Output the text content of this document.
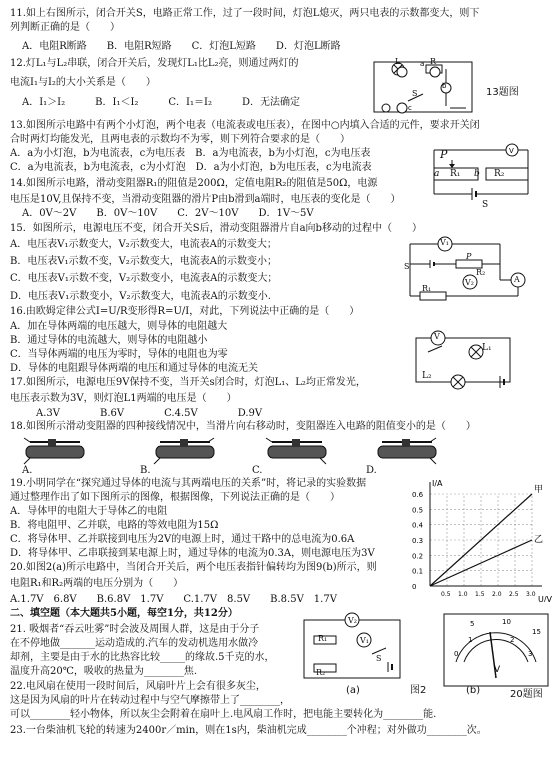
11.如上右图所示，闭合开关S，电路正常工作，过了一段时间，灯泡L熄灭，两只电表的示数都变大，则下
列判断正确的是（　　）
A．电阻R断路　　B．电阻R短路　　C．灯泡L短路　　D．灯泡L断路
12.灯L₁与L₂串联，闭合开关后，发现灯L₁比L₂亮，则通过两灯的
电流I₁与I₂的大小关系是（　　）
A．I₁＞I₂　　　B．I₁＜I₂　　　C．I₁＝I₂　　　D．无法确定
13.如图所示电路中有两个小灯泡，两个电表（电流表或电压表），在图中○内填入合适的元件，要求开关闭
合时两灯均能发光，且两电表的示数均不为零，则下列符合要求的是（　　）
A．a为小灯泡，b为电流表，c为电压表　B．a为电流表，b为小灯泡，c为电压表
C．a为电流表，b为电流表，c为小灯泡　D．a为小灯泡，b为电压表，c为电流表
14.如图所示电路，滑动变阻器R₁的阻值是200Ω，定值电阻R₂的阻值是50Ω，电源
电压是10V,且保持不变，当滑动变阻器的滑片P由b滑到a端时，电压表的变化是（　　）
A．0V～2V　　B．0V～10V　　C．2V～10V　　D．1V～5V
15．如图所示，电源电压不变，闭合开关S后，滑动变阻器滑片自a向b移动的过程中（　　）
A．电压表V₁示数变大，V₂示数变大，电流表A的示数变大；
B．电压表V₁示数不变，V₂示数变大，电流表A的示数变小；
C．电压表V₁示数不变，V₂示数变小，电流表A的示数变大；
D．电压表V₁示数变小，V₂示数变大，电流表A的示数变小.
16.由欧姆定律公式I=U/R变形得R=U/I，对此，下列说法中正确的是（　　）
A．加在导体两端的电压越大，则导体的电阻越大
B．通过导体的电流越大，则导体的电阻越小
C．当导体两端的电压为零时，导体的电阻也为零
D．导体的电阻跟导体两端的电压和通过导体的电流无关
17.如图所示，电源电压9V保持不变，当开关s闭合时，灯泡L₁、L₂均正常发光，
电压表示数为3V，则灯泡L1两端的电压是（　　）
A.3V　　　　B.6V　　　　C.4.5V　　　　D.9V
18.如图所示滑动变阻器的四种接线情况中，当滑片向右移动时，变阻器连入电路的阻值变小的是（　　）
19.小明同学在“探究通过导体的电流与其两端电压的关系”时，将记录的实验数据
通过整理作出了如下图所示的图像，根据图像，下列说法正确的是（　　）
A．导体甲的电阻大于导体乙的电阻
B．将电阻甲、乙并联，电路的等效电阻为15Ω
C．将导体甲、乙并联接到电压为2V的电源上时，通过干路中的总电流为0.6A
D．将导体甲、乙串联接到某电源上时，通过导体的电流为0.3A，则电源电压为3V
20.如图2(a)所示电路中，当闭合开关后，两个电压表指针偏转均为图9(b)所示，则
电阻R₁和R₂两端的电压分别为（　　）
A.1.7V　6.8V　　B.6.8V　1.7V　　C.1.7V　8.5V　　B.8.5V　1.7V
二、填空题（本大题共5小题，每空1分，共12分）
21. 吸烟者“吞云吐雾”时会波及周围人群，这是由于分子
在不停地做_______运动造成的.汽车的发动机选用水做冷
却剂，主要是由于水的比热容比较_____的缘故.5千克的水，
温度升高20℃，吸收的热量为________焦.
22.电风扇在使用一段时间后，风扇叶片上会有很多灰尘，
这是因为风扇的叶片在转动过程中与空气摩擦带上了________，
可以________轻小物体，所以灰尘会附着在扇叶上.电风扇工作时，把电能主要转化为________能.
23.一台柴油机飞轮的转速为2400r／min，则在1s内，柴油机完成________个冲程；对外做功________次。
L	R
S	13题图
b
c
a
V
P
a R₁ b R₂
S
V₁
V₂	A
P
R₂
R₁
S
V
L₁
L₂
A.	B.	C.	D.
0.6
0.5
0.4
0.3
0.2
0.1
0
0.5 1.0 1.5 2.0 2.5 3.0
I/A
U/V
甲
乙
R₁	V₁
V₂
R₂
S
(a)	图2
0
1	2
3
5	10
15
V
(b)	20题图
